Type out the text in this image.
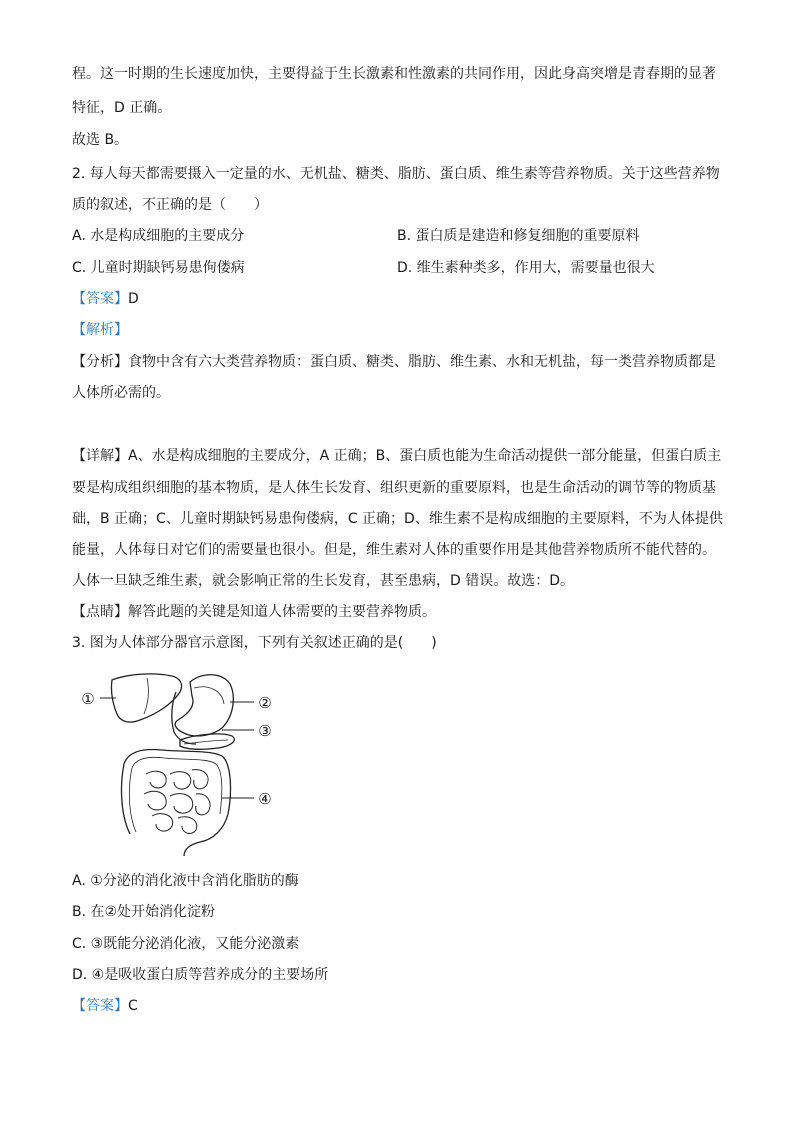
程。这一时期的生长速度加快，主要得益于生长激素和性激素的共同作用，因此身高突增是青春期的显著
特征，D 正确。
故选 B。
2. 每人每天都需要摄入一定量的水、无机盐、糖类、脂肪、蛋白质、维生素等营养物质。关于这些营养物
质的叙述，不正确的是（　　）
A. 水是构成细胞的主要成分	B. 蛋白质是建造和修复细胞的重要原料
C. 儿童时期缺钙易患佝偻病	D. 维生素种类多，作用大，需要量也很大
【答案】D
【解析】
【分析】食物中含有六大类营养物质：蛋白质、糖类、脂肪、维生素、水和无机盐，每一类营养物质都是
人体所必需的。
【详解】A、水是构成细胞的主要成分，A 正确；B、蛋白质也能为生命活动提供一部分能量，但蛋白质主
要是构成组织细胞的基本物质，是人体生长发育、组织更新的重要原料，也是生命活动的调节等的物质基
础，B 正确；C、儿童时期缺钙易患佝偻病，C 正确；D、维生素不是构成细胞的主要原料，不为人体提供
能量，人体每日对它们的需要量也很小。但是，维生素对人体的重要作用是其他营养物质所不能代替的。
人体一旦缺乏维生素，就会影响正常的生长发育，甚至患病，D 错误。故选：D。
【点睛】解答此题的关键是知道人体需要的主要营养物质。
3. 图为人体部分器官示意图，下列有关叙述正确的是(　　)
①	②
③
④
A. ①分泌的消化液中含消化脂肪的酶
B. 在②处开始消化淀粉
C. ③既能分泌消化液，又能分泌激素
D. ④是吸收蛋白质等营养成分的主要场所
【答案】C
